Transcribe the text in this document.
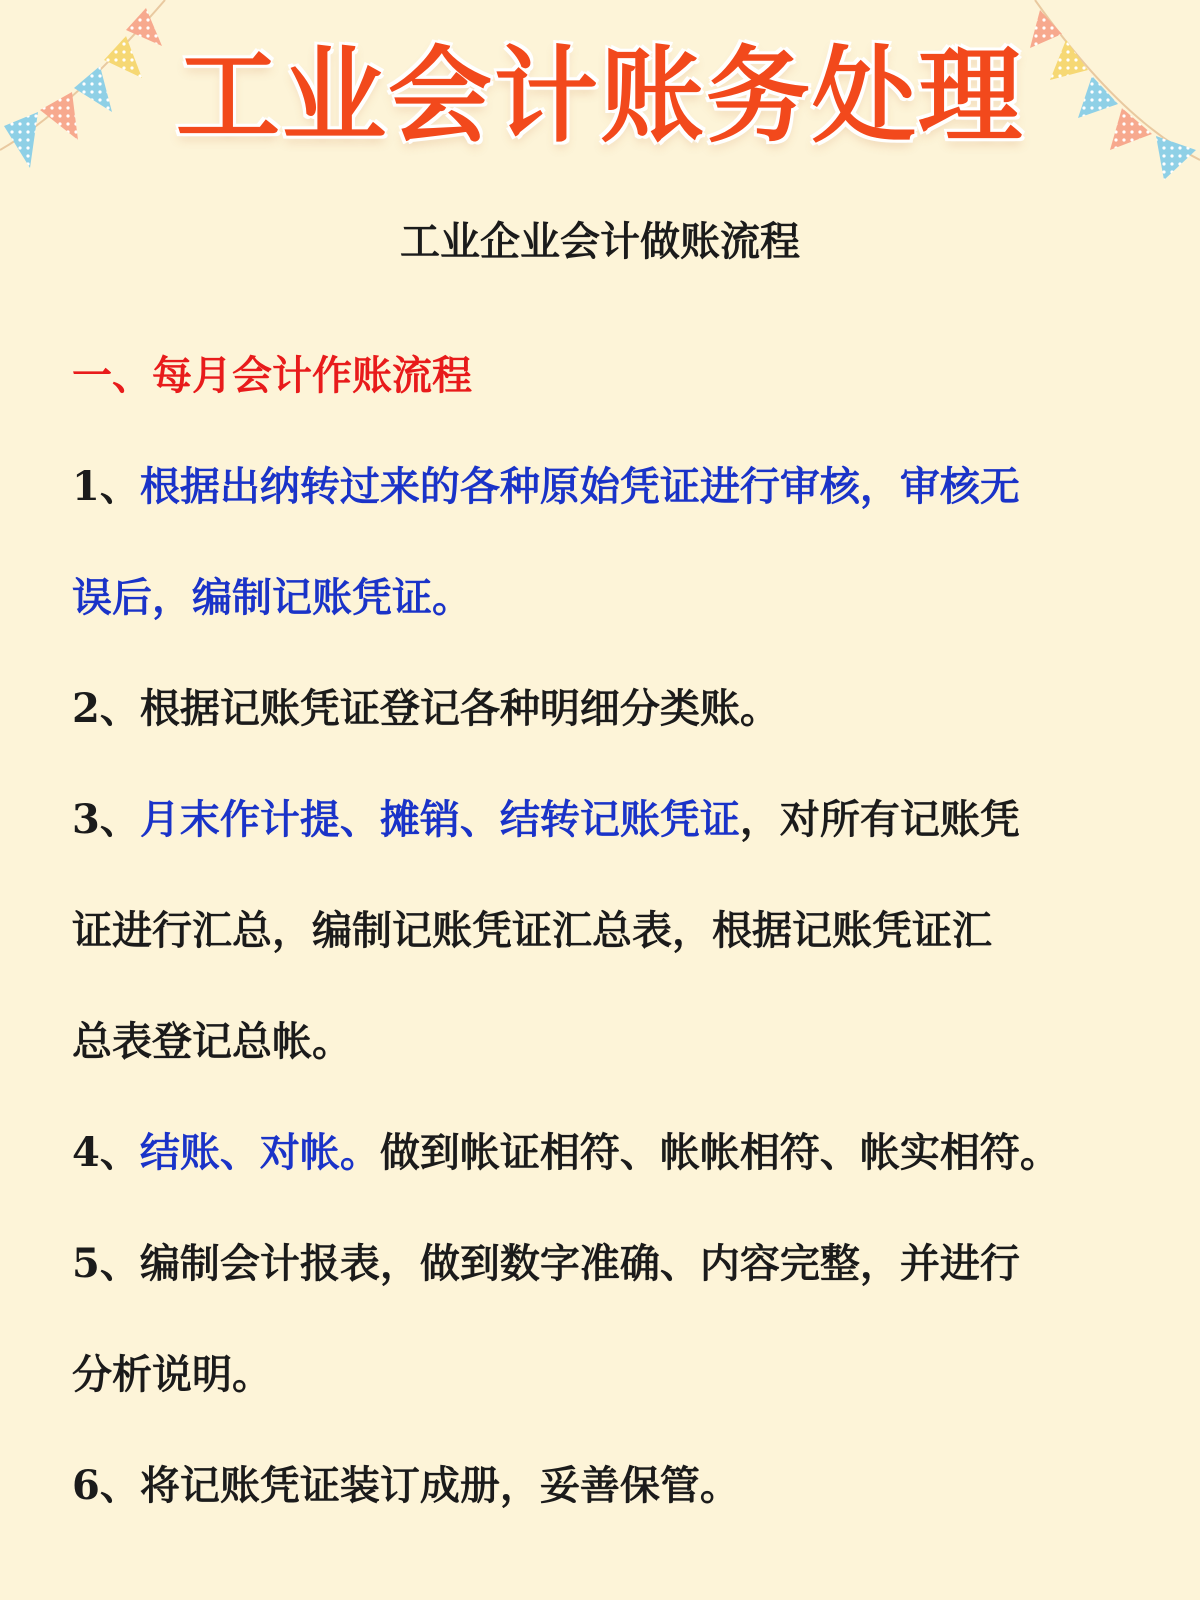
工业会计账务处理
工业企业会计做账流程
一、每月会计作账流程
1、根据出纳转过来的各种原始凭证进行审核，审核无
误后，编制记账凭证。
2、根据记账凭证登记各种明细分类账。
3、月末作计提、摊销、结转记账凭证，对所有记账凭
证进行汇总，编制记账凭证汇总表，根据记账凭证汇
总表登记总帐。
4、结账、对帐。做到帐证相符、帐帐相符、帐实相符。
5、编制会计报表，做到数字准确、内容完整，并进行
分析说明。
6、将记账凭证装订成册，妥善保管。
